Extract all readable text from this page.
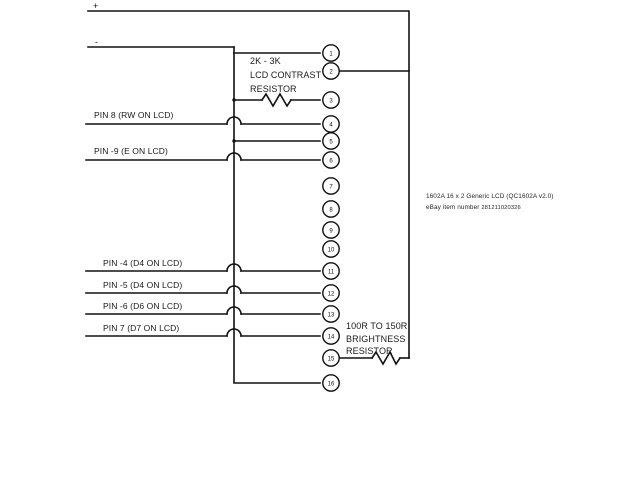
1
2
3
4
5
6
7
8
9
10
11
12
13
14
15
16
+
-
2K - 3K
LCD CONTRAST
RESISTOR
100R TO 150R
BRIGHTNESS
RESISTOR
PIN 8 (RW ON LCD)
PIN -9 (E ON LCD)
PIN -4 (D4 ON LCD)
PIN -5 (D4 ON LCD)
PIN -6 (D6 ON LCD)
PIN 7 (D7 ON LCD)
1602A 16 x 2 Generic LCD (QC1602A v2.0)
eBay item number 281211020326
